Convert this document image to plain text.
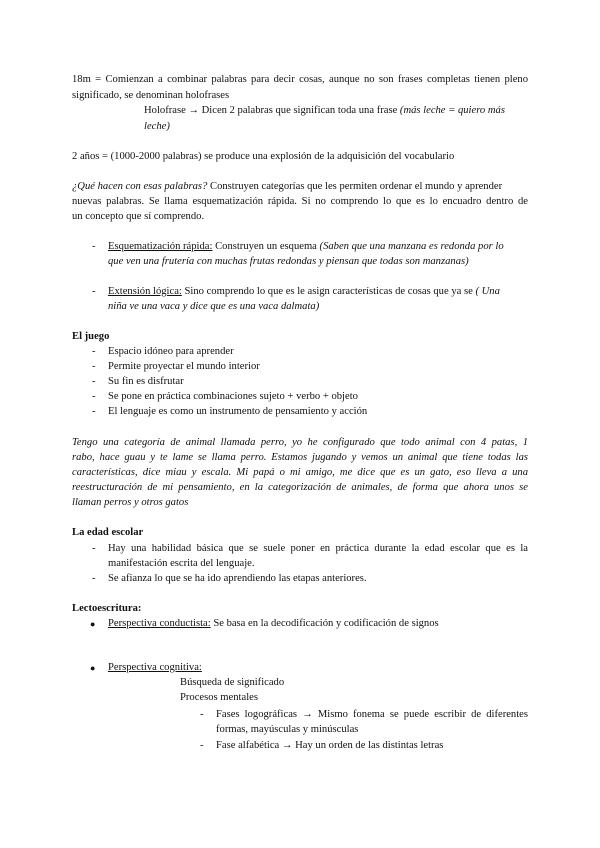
18m = Comienzan a combinar palabras para decir cosas, aunque no son frases completas tienen pleno
significado, se denominan holofrases
Holofrase → Dicen 2 palabras que significan toda una frase (más leche = quiero más
leche)
2 años = (1000-2000 palabras) se produce una explosión de la adquisición del vocabulario
¿Qué hacen con esas palabras? Construyen categorías que les permiten ordenar el mundo y aprender
nuevas palabras. Se llama esquematización rápida. Si no comprendo lo que es lo encuadro dentro de
un concepto que sí comprendo.
- Esquematización rápida: Construyen un esquema (Saben que una manzana es redonda por lo
que ven una frutería con muchas frutas redondas y piensan que todas son manzanas)
- Extensión lógica: Sino comprendo lo que es le asign características de cosas que ya se ( Una
niña ve una vaca y dice que es una vaca dalmata)
El juego
- Espacio idóneo para aprender
- Permite proyectar el mundo interior
- Su fin es disfrutar
- Se pone en práctica combinaciones sujeto + verbo + objeto
- El lenguaje es como un instrumento de pensamiento y acción
Tengo una categoría de animal llamada perro, yo he configurado que todo animal con 4 patas, 1
rabo, hace guau y te lame se llama perro. Estamos jugando y vemos un animal que tiene todas las
características, dice miau y escala. Mi papá o mi amigo, me dice que es un gato, eso lleva a una
reestructuración de mi pensamiento, en la categorización de animales, de forma que ahora unos se
llaman perros y otros gatos
La edad escolar
- Hay una habilidad básica que se suele poner en práctica durante la edad escolar que es la
manifestación escrita del lenguaje.
- Se afianza lo que se ha ido aprendiendo las etapas anteriores.
Lectoescritura:
● Perspectiva conductista: Se basa en la decodificación y codificación de signos
● Perspectiva cognitiva:
Búsqueda de significado
Procesos mentales
- Fases logográficas → Mismo fonema se puede escribir de diferentes
formas, mayúsculas y minúsculas
- Fase alfabética → Hay un orden de las distintas letras
